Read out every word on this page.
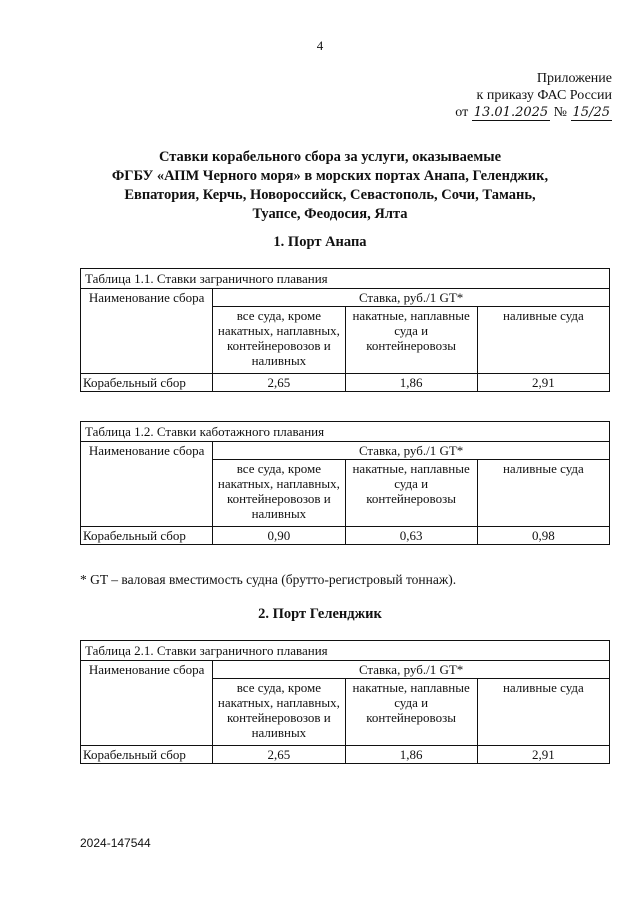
4
Приложение
к приказу ФАС России
от 13.01.2025 № 15/25
Ставки корабельного сбора за услуги, оказываемые
ФГБУ «АПМ Черного моря» в морских портах Анапа, Геленджик,
Евпатория, Керчь, Новороссийск, Севастополь, Сочи, Тамань,
Туапсе, Феодосия, Ялта
1. Порт Анапа
Таблица 1.1. Ставки заграничного плавания			
Наименование сбора	Ставка, руб./1 GT*		
	все суда, кроме накатных, наплавных, контейнеровозов и наливных	накатные, наплавные суда и контейнеровозы	наливные суда
Корабельный сбор	2,65	1,86	2,91
Таблица 1.2. Ставки каботажного плавания			
Наименование сбора	Ставка, руб./1 GT*		
	все суда, кроме накатных, наплавных, контейнеровозов и наливных	накатные, наплавные суда и контейнеровозы	наливные суда
Корабельный сбор	0,90	0,63	0,98
* GT – валовая вместимость судна (брутто-регистровый тоннаж).
2. Порт Геленджик
Таблица 2.1. Ставки заграничного плавания			
Наименование сбора	Ставка, руб./1 GT*		
	все суда, кроме накатных, наплавных, контейнеровозов и наливных	накатные, наплавные суда и контейнеровозы	наливные суда
Корабельный сбор	2,65	1,86	2,91
2024-147544
